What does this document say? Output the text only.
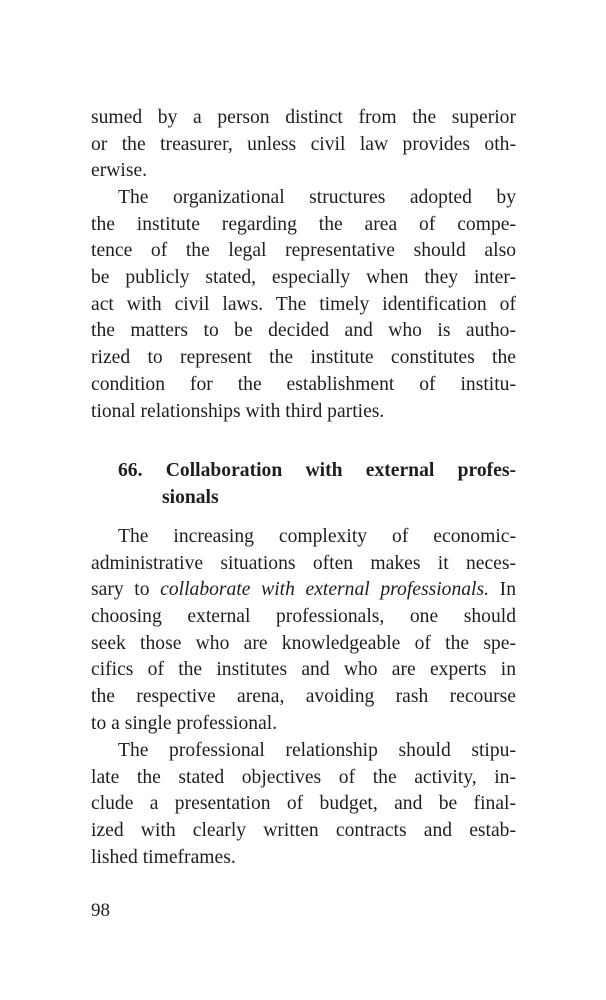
sumed by a person distinct from the superior
or the treasurer, unless civil law provides oth-
erwise.
The organizational structures adopted by
the institute regarding the area of compe-
tence of the legal representative should also
be publicly stated, especially when they inter-
act with civil laws. The timely identification of
the matters to be decided and who is autho-
rized to represent the institute constitutes the
condition for the establishment of institu-
tional relationships with third parties.
66. Collaboration with external profes-
sionals
The increasing complexity of economic-
administrative situations often makes it neces-
sary to collaborate with external professionals. In
choosing external professionals, one should
seek those who are knowledgeable of the spe-
cifics of the institutes and who are experts in
the respective arena, avoiding rash recourse
to a single professional.
The professional relationship should stipu-
late the stated objectives of the activity, in-
clude a presentation of budget, and be final-
ized with clearly written contracts and estab-
lished timeframes.
98
